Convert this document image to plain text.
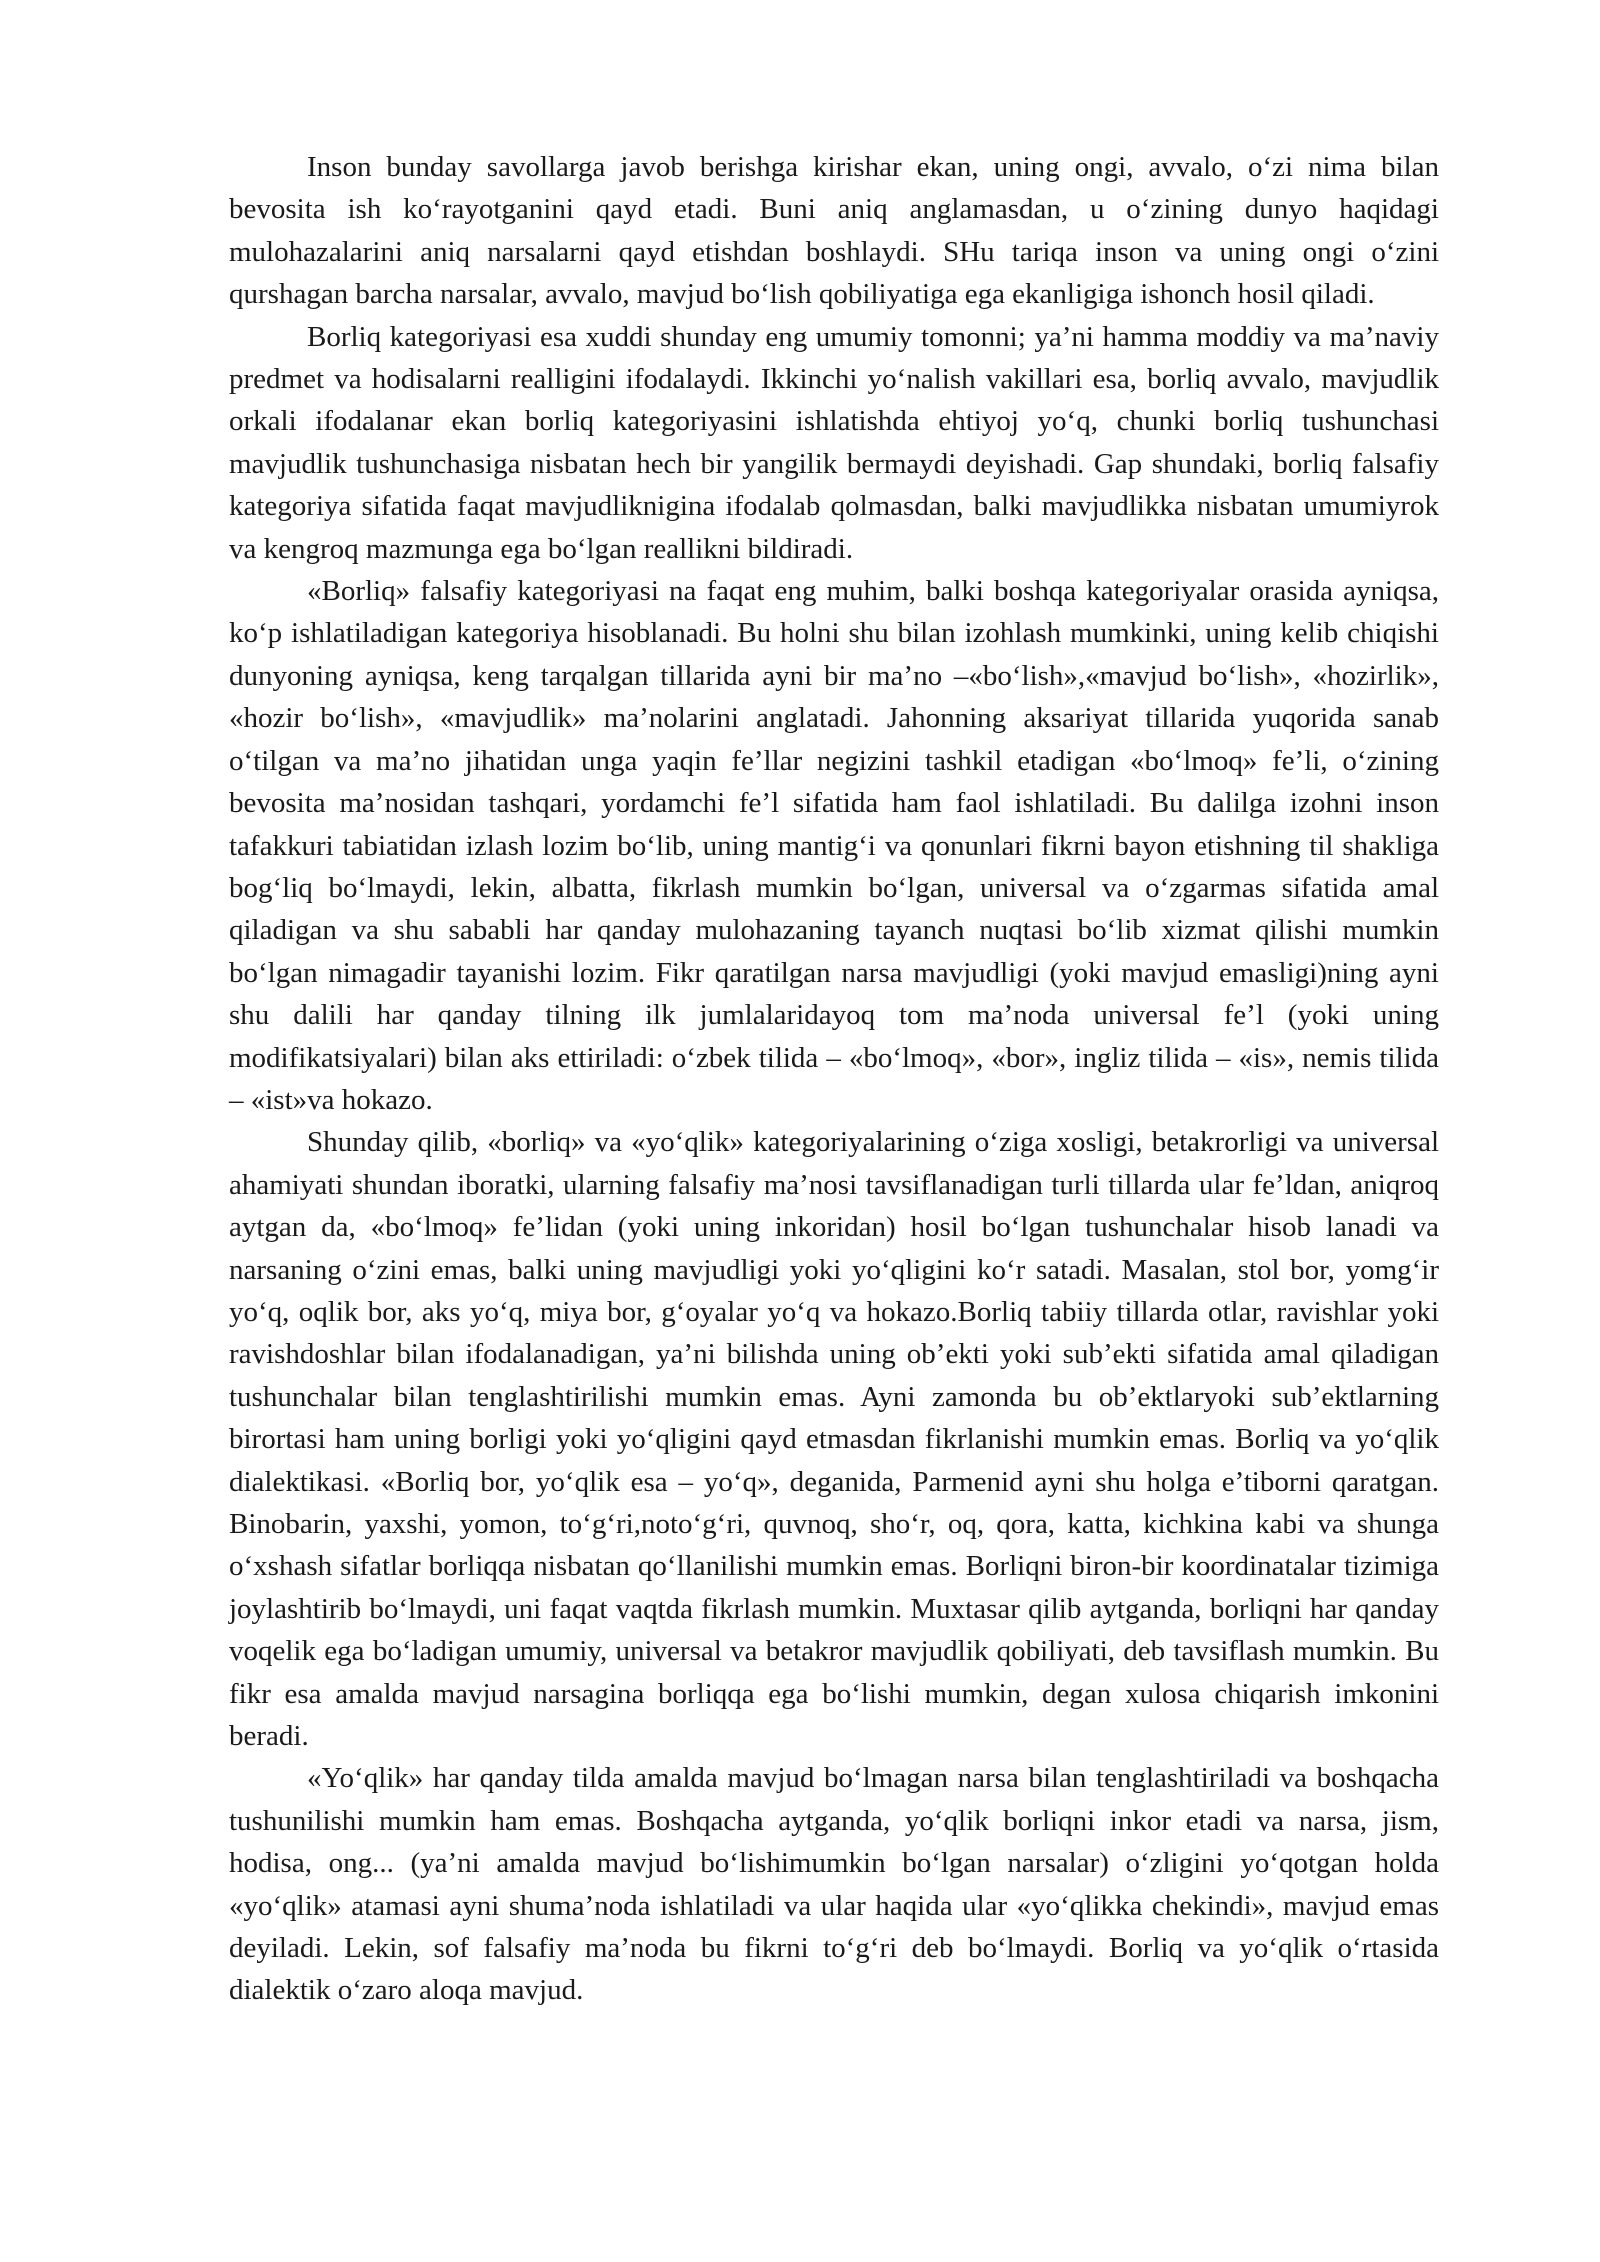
Inson bunday savollarga javob berishga kirishar ekan, uning ongi, avvalo, o‘zi nima bilan bevosita ish ko‘rayotganini qayd etadi. Buni aniq anglamasdan, u o‘zining dunyo haqidagi mulohazalarini aniq narsalarni qayd etishdan boshlaydi. SHu tariqa inson va uning ongi o‘zini qurshagan barcha narsalar, avvalo, mavjud bo‘lish qobiliyatiga ega ekanligiga ishonch hosil qiladi.

Borliq kategoriyasi esa xuddi shunday eng umumiy tomonni; ya’ni hamma moddiy va ma’naviy predmet va hodisalarni realligini ifodalaydi. Ikkinchi yo‘nalish vakillari esa, borliq avvalo, mavjudlik orkali ifodalanar ekan borliq kategoriyasini ishlatishda ehtiyoj yo‘q, chunki borliq tushunchasi mavjudlik tushunchasiga nisbatan hech bir yangilik bermaydi deyishadi. Gap shundaki, borliq falsafiy kategoriya sifatida faqat mavjudliknigina ifodalab qolmasdan, balki mavjudlikka nisbatan umumiyrok va kengroq mazmunga ega bo‘lgan reallikni bildiradi.

«Borliq» falsafiy kategoriyasi na faqat eng muhim, balki boshqa kategoriyalar orasida ayniqsa, ko‘p ishlatiladigan kategoriya hisoblanadi. Bu holni shu bilan izohlash mumkinki, uning kelib chiqishi dunyoning ayniqsa, keng tarqalgan tillarida ayni bir ma’no –«bo‘lish»,«mavjud bo‘lish», «hozirlik», «hozir bo‘lish», «mavjudlik» ma’nolarini anglatadi. Jahonning aksariyat tillarida yuqorida sanab o‘tilgan va ma’no jihatidan unga yaqin fe’llar negizini tashkil etadigan «bo‘lmoq» fe’li, o‘zining bevosita ma’nosidan tashqari, yordamchi fe’l sifatida ham faol ishlatiladi. Bu dalilga izohni inson tafakkuri tabiatidan izlash lozim bo‘lib, uning mantig‘i va qonunlari fikrni bayon etishning til shakliga bog‘liq bo‘lmaydi, lekin, albatta, fikrlash mumkin bo‘lgan, universal va o‘zgarmas sifatida amal qiladigan va shu sababli har qanday mulohazaning tayanch nuqtasi bo‘lib xizmat qilishi mumkin bo‘lgan nimagadir tayanishi lozim. Fikr qaratilgan narsa mavjudligi (yoki mavjud emasligi)ning ayni shu dalili har qanday tilning ilk jumlalaridayoq tom ma’noda universal fe’l (yoki uning modifikatsiyalari) bilan aks ettiriladi: o‘zbek tilida – «bo‘lmoq», «bor», ingliz tilida – «is», nemis tilida – «ist»va hokazo.

Shunday qilib, «borliq» va «yo‘qlik» kategoriyalarining o‘ziga xosligi, betakrorligi va universal ahamiyati shundan iboratki, ularning falsafiy ma’nosi tavsiflanadigan turli tillarda ular fe’ldan, aniqroq aytgan da, «bo‘lmoq» fe’lidan (yoki uning inkoridan) hosil bo‘lgan tushunchalar hisob lanadi va narsaning o‘zini emas, balki uning mavjudligi yoki yo‘qligini ko‘r satadi. Masalan, stol bor, yomg‘ir yo‘q, oqlik bor, aks yo‘q, miya bor, g‘oyalar yo‘q va hokazo.Borliq tabiiy tillarda otlar, ravishlar yoki ravishdoshlar bilan ifodalanadigan, ya’ni bilishda uning ob’ekti yoki sub’ekti sifatida amal qiladigan tushunchalar bilan tenglashtirilishi mumkin emas. Ayni zamonda bu ob’ektlaryoki sub’ektlarning birortasi ham uning borligi yoki yo‘qligini qayd etmasdan fikrlanishi mumkin emas. Borliq va yo‘qlik dialektikasi. «Borliq bor, yo‘qlik esa – yo‘q», deganida, Parmenid ayni shu holga e’tiborni qaratgan. Binobarin, yaxshi, yomon, to‘g‘ri,noto‘g‘ri, quvnoq, sho‘r, oq, qora, katta, kichkina kabi va shunga o‘xshash sifatlar borliqqa nisbatan qo‘llanilishi mumkin emas. Borliqni biron-bir koordinatalar tizimiga joylashtirib bo‘lmaydi, uni faqat vaqtda fikrlash mumkin. Muxtasar qilib aytganda, borliqni har qanday voqelik ega bo‘ladigan umumiy, universal va betakror mavjudlik qobiliyati, deb tavsiflash mumkin. Bu fikr esa amalda mavjud narsagina borliqqa ega bo‘lishi mumkin, degan xulosa chiqarish imkonini beradi.

«Yo‘qlik» har qanday tilda amalda mavjud bo‘lmagan narsa bilan tenglashtiriladi va boshqacha tushunilishi mumkin ham emas. Boshqacha aytganda, yo‘qlik borliqni inkor etadi va narsa, jism, hodisa, ong... (ya’ni amalda mavjud bo‘lishimumkin bo‘lgan narsalar) o‘zligini yo‘qotgan holda «yo‘qlik» atamasi ayni shuma’noda ishlatiladi va ular haqida ular «yo‘qlikka chekindi», mavjud emas deyiladi. Lekin, sof falsafiy ma’noda bu fikrni to‘g‘ri deb bo‘lmaydi. Borliq va yo‘qlik o‘rtasida dialektik o‘zaro aloqa mavjud.
